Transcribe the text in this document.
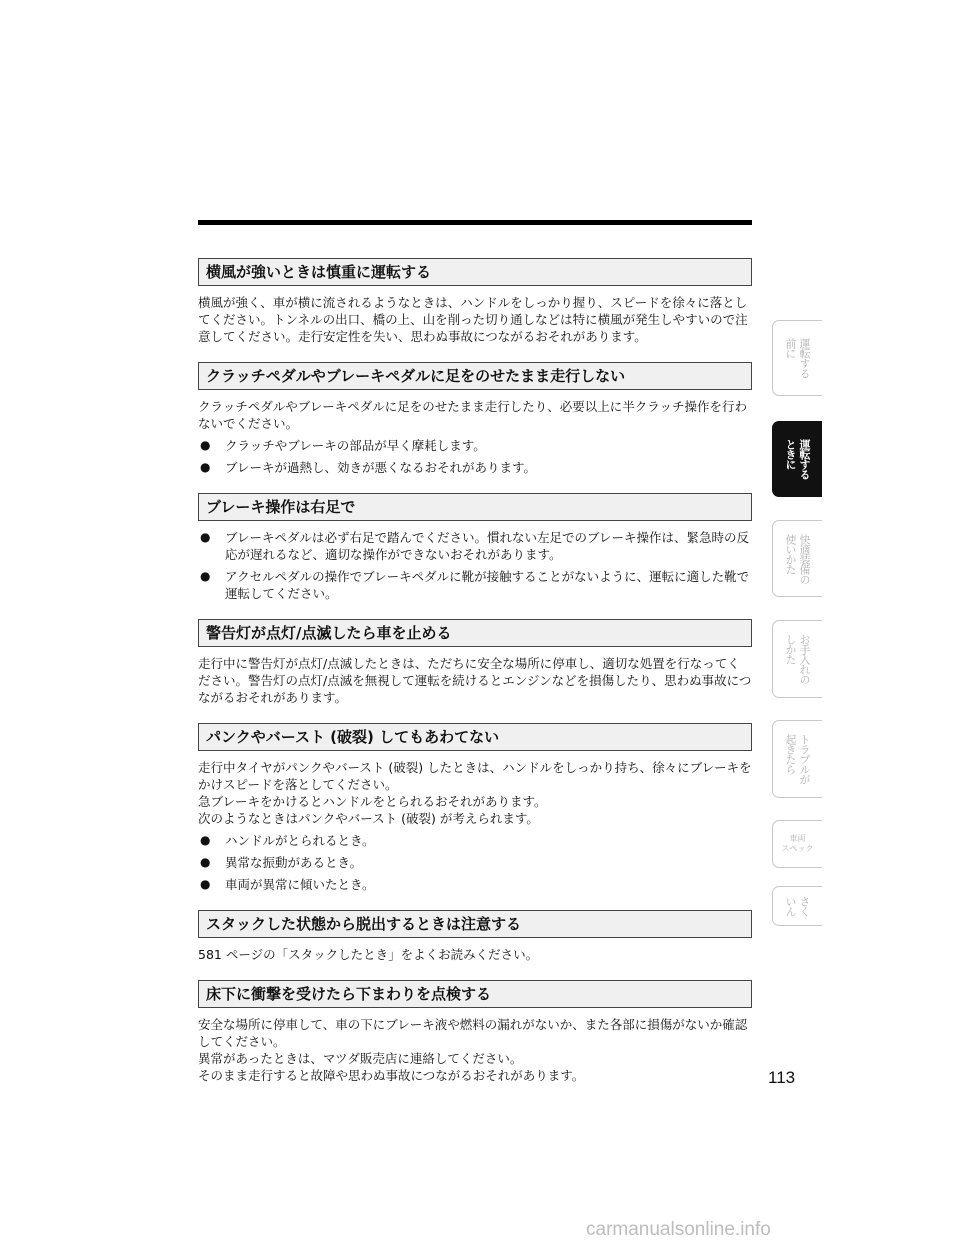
横風が強いときは慎重に運転する

横風が強く、車が横に流されるようなときは、ハンドルをしっかり握り、スピードを徐々に落としてください。トンネルの出口、橋の上、山を削った切り通しなどは特に横風が発生しやすいので注意してください。走行安定性を失い、思わぬ事故につながるおそれがあります。

クラッチペダルやブレーキペダルに足をのせたまま走行しない

クラッチペダルやブレーキペダルに足をのせたまま走行したり、必要以上に半クラッチ操作を行わないでください。

● クラッチやブレーキの部品が早く摩耗します。
● ブレーキが過熱し、効きが悪くなるおそれがあります。
ブレーキ操作は右足で
● ブレーキペダルは必ず右足で踏んでください。慣れない左足でのブレーキ操作は、緊急時の反応が遅れるなど、適切な操作ができないおそれがあります。
● アクセルペダルの操作でブレーキペダルに靴が接触することがないように、運転に適した靴で運転してください。
警告灯が点灯/点滅したら車を止める

走行中に警告灯が点灯/点滅したときは、ただちに安全な場所に停車し、適切な処置を行なってください。警告灯の点灯/点滅を無視して運転を続けるとエンジンなどを損傷したり、思わぬ事故につながるおそれがあります。

パンクやバースト (破裂) してもあわてない

走行中タイヤがパンクやバースト (破裂) したときは、ハンドルをしっかり持ち、徐々にブレーキをかけスピードを落としてください。

急ブレーキをかけるとハンドルをとられるおそれがあります。

次のようなときはパンクやバースト (破裂) が考えられます。

● ハンドルがとられるとき。
● 異常な振動があるとき。
● 車両が異常に傾いたとき。
スタックした状態から脱出するときは注意する

581 ページの「スタックしたとき」をよくお読みください。

床下に衝撃を受けたら下まわりを点検する

安全な場所に停車して、車の下にブレーキ液や燃料の漏れがないか、また各部に損傷がないか確認してください。

異常があったときは、マツダ販売店に連絡してください。

そのまま走行すると故障や思わぬ事故につながるおそれがあります。	113
運転する
前に
運転する
ときに
快適装備の
使いかた
お手入れの
しかた
トラブルが
起きたら
車両
スペック
さく
いん
carmanualsonline.info
